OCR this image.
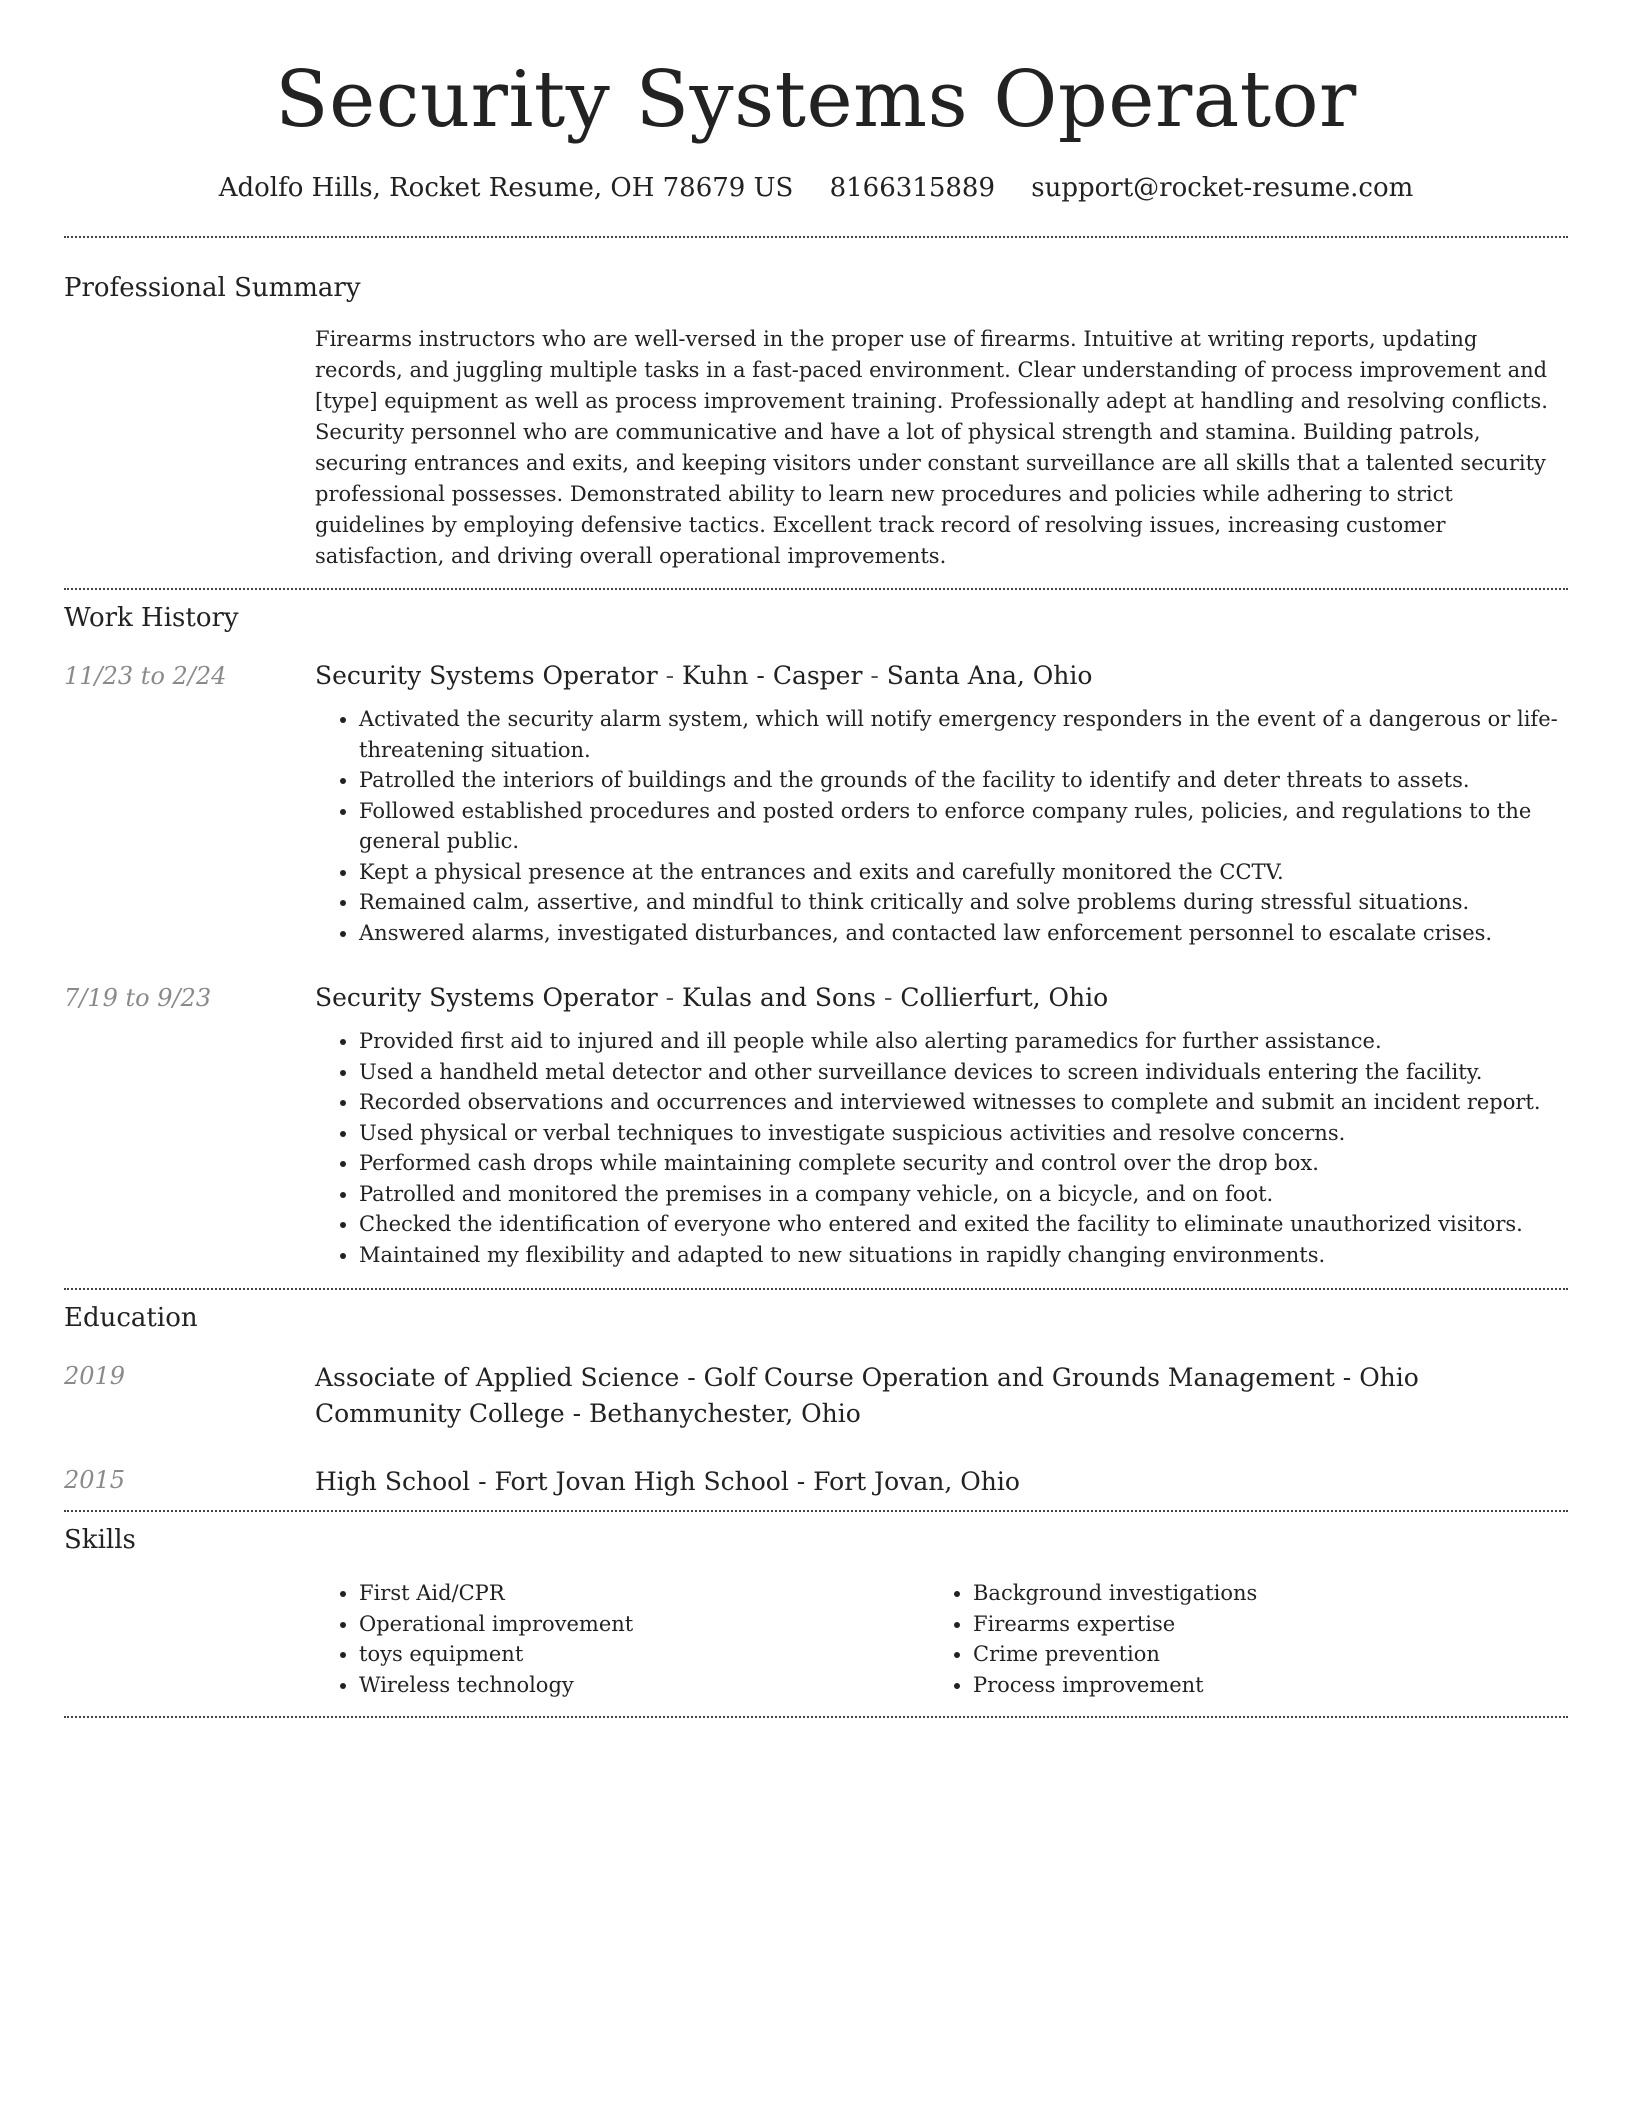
Security Systems Operator
Adolfo Hills, Rocket Resume, OH 78679 US 8166315889 support@rocket-resume.com
Professional Summary

Firearms instructors who are well-versed in the proper use of firearms. Intuitive at writing reports, updating records, and juggling multiple tasks in a fast-paced environment. Clear understanding of process improvement and [type] equipment as well as process improvement training. Professionally adept at handling and resolving conflicts. Security personnel who are communicative and have a lot of physical strength and stamina. Building patrols, securing entrances and exits, and keeping visitors under constant surveillance are all skills that a talented security professional possesses. Demonstrated ability to learn new procedures and policies while adhering to strict guidelines by employing defensive tactics. Excellent track record of resolving issues, increasing customer satisfaction, and driving overall operational improvements.

Work History
11/23 to 2/24	Security Systems Operator - Kuhn - Casper - Santa Ana, Ohio

• Activated the security alarm system, which will notify emergency responders in the event of a dangerous or life-threatening situation.
• Patrolled the interiors of buildings and the grounds of the facility to identify and deter threats to assets.
• Followed established procedures and posted orders to enforce company rules, policies, and regulations to the general public.
• Kept a physical presence at the entrances and exits and carefully monitored the CCTV.
• Remained calm, assertive, and mindful to think critically and solve problems during stressful situations.
• Answered alarms, investigated disturbances, and contacted law enforcement personnel to escalate crises.
7/19 to 9/23	Security Systems Operator - Kulas and Sons - Collierfurt, Ohio

• Provided first aid to injured and ill people while also alerting paramedics for further assistance.
• Used a handheld metal detector and other surveillance devices to screen individuals entering the facility.
• Recorded observations and occurrences and interviewed witnesses to complete and submit an incident report.
• Used physical or verbal techniques to investigate suspicious activities and resolve concerns.
• Performed cash drops while maintaining complete security and control over the drop box.
• Patrolled and monitored the premises in a company vehicle, on a bicycle, and on foot.
• Checked the identification of everyone who entered and exited the facility to eliminate unauthorized visitors.
• Maintained my flexibility and adapted to new situations in rapidly changing environments.
Education
2019	Associate of Applied Science - Golf Course Operation and Grounds Management - Ohio Community College - Bethanychester, Ohio

2015	High School - Fort Jovan High School - Fort Jovan, Ohio

Skills
• First Aid/CPR
• Operational improvement
• toys equipment
• Wireless technology
• Background investigations
• Firearms expertise
• Crime prevention
• Process improvement
